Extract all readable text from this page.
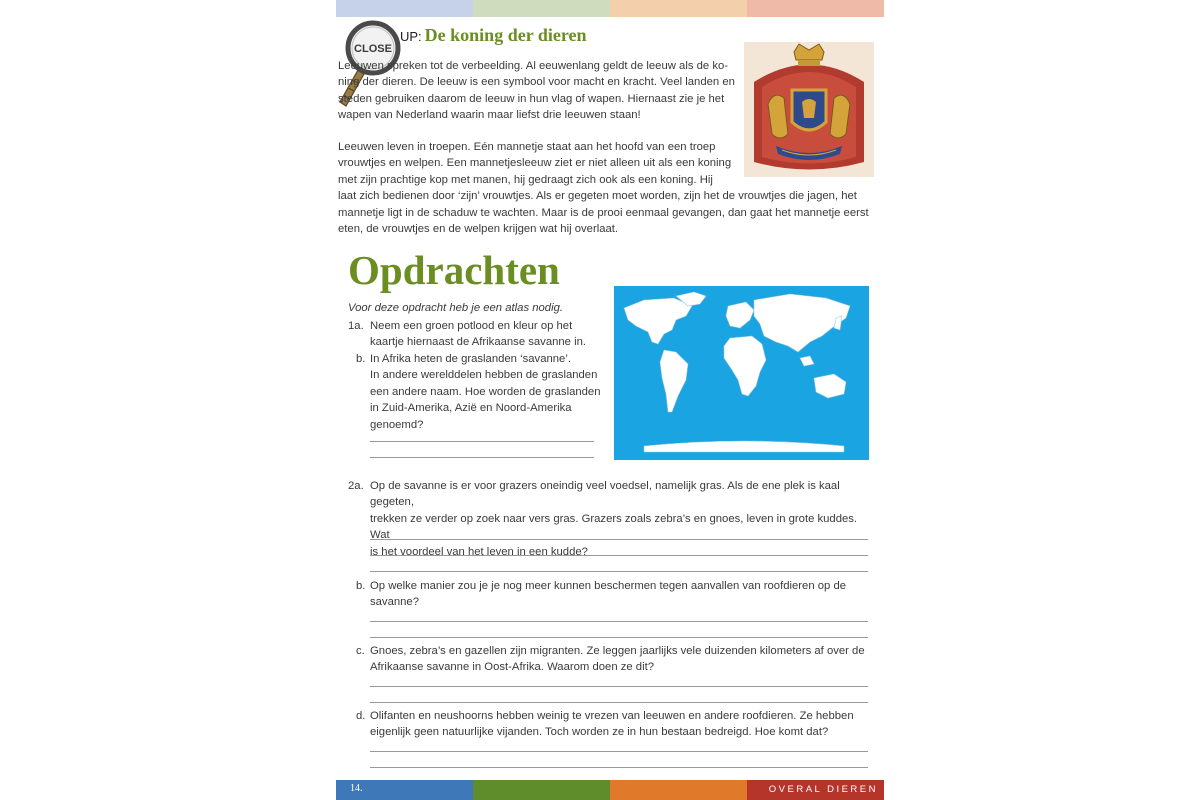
CLOSE
UP: De koning der dieren
Leeuwen spreken tot de verbeelding. Al eeuwenlang geldt de leeuw als de ko-
ning der dieren. De leeuw is een symbool voor macht en kracht. Veel landen en
steden gebruiken daarom de leeuw in hun vlag of wapen. Hiernaast zie je het
wapen van Nederland waarin maar liefst drie leeuwen staan!
Leeuwen leven in troepen. Eén mannetje staat aan het hoofd van een troep
vrouwtjes en welpen. Een mannetjesleeuw ziet er niet alleen uit als een koning
met zijn prachtige kop met manen, hij gedraagt zich ook als een koning. Hij
laat zich bedienen door ‘zijn’ vrouwtjes. Als er gegeten moet worden, zijn het de vrouwtjes die jagen, het
mannetje ligt in de schaduw te wachten. Maar is de prooi eenmaal gevangen, dan gaat het mannetje eerst
eten, de vrouwtjes en de welpen krijgen wat hij overlaat.
Opdrachten
Voor deze opdracht heb je een atlas nodig.
1a. Neem een groen potlood en kleur op het
kaartje hiernaast de Afrikaanse savanne in.
b. In Afrika heten de graslanden ‘savanne’.
In andere werelddelen hebben de graslanden
een andere naam. Hoe worden de graslanden
in Zuid-Amerika, Azië en Noord-Amerika
genoemd?
2a. Op de savanne is er voor grazers oneindig veel voedsel, namelijk gras. Als de ene plek is kaal gegeten,
trekken ze verder op zoek naar vers gras. Grazers zoals zebra’s en gnoes, leven in grote kuddes. Wat
is het voordeel van het leven in een kudde?
b. Op welke manier zou je je nog meer kunnen beschermen tegen aanvallen van roofdieren op de
savanne?
c. Gnoes, zebra’s en gazellen zijn migranten. Ze leggen jaarlijks vele duizenden kilometers af over de
Afrikaanse savanne in Oost-Afrika. Waarom doen ze dit?
d. Olifanten en neushoorns hebben weinig te vrezen van leeuwen en andere roofdieren. Ze hebben
eigenlijk geen natuurlijke vijanden. Toch worden ze in hun bestaan bedreigd. Hoe komt dat?
14.	OVERAL DIEREN
